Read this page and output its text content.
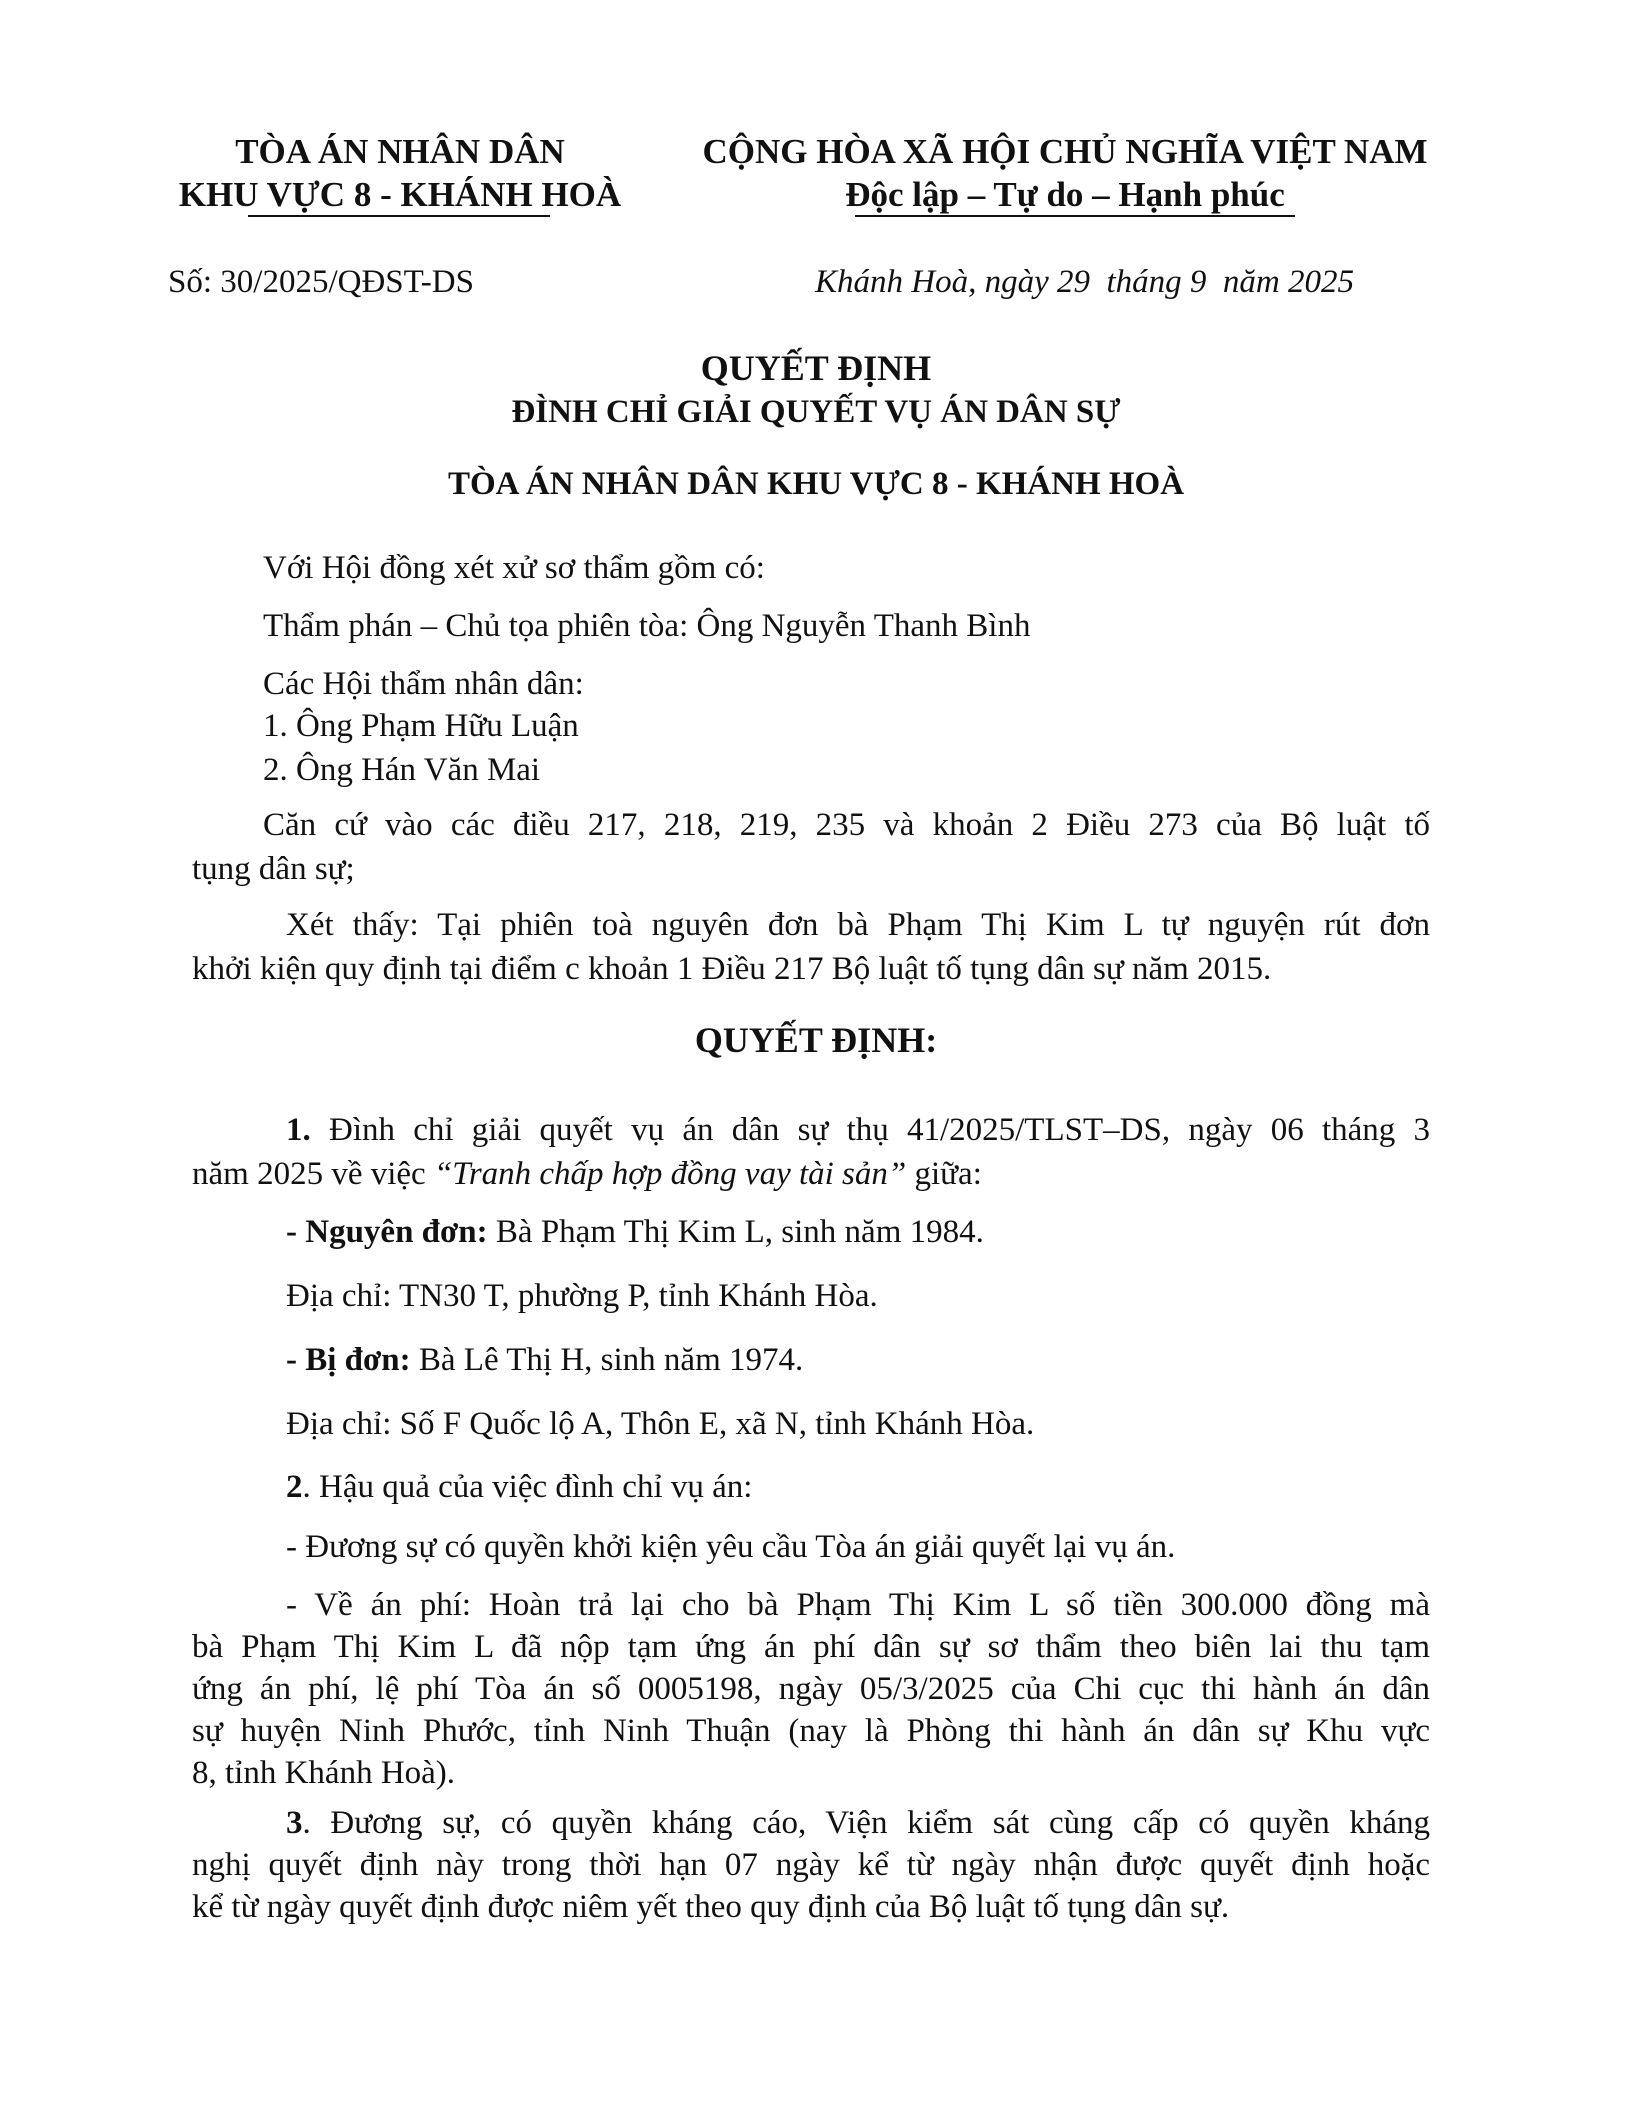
TÒA ÁN NHÂN DÂN
KHU VỰC 8 - KHÁNH HOÀ
CỘNG HÒA XÃ HỘI CHỦ NGHĨA VIỆT NAM
Độc lập – Tự do – Hạnh phúc
Số: 30/2025/QĐST-DS	Khánh Hoà, ngày 29  tháng 9  năm 2025
QUYẾT ĐỊNH
ĐÌNH CHỈ GIẢI QUYẾT VỤ ÁN DÂN SỰ
TÒA ÁN NHÂN DÂN KHU VỰC 8 - KHÁNH HOÀ
Với Hội đồng xét xử sơ thẩm gồm có:
Thẩm phán – Chủ tọa phiên tòa: Ông Nguyễn Thanh Bình
Các Hội thẩm nhân dân:
1. Ông Phạm Hữu Luận
2. Ông Hán Văn Mai
Căn cứ vào các điều 217, 218, 219, 235 và khoản 2 Điều 273 của Bộ luật tố
tụng dân sự;
Xét thấy: Tại phiên toà nguyên đơn bà Phạm Thị Kim L tự nguyện rút đơn
khởi kiện quy định tại điểm c khoản 1 Điều 217 Bộ luật tố tụng dân sự năm 2015.
QUYẾT ĐỊNH:
1. Đình chỉ giải quyết vụ án dân sự thụ 41/2025/TLST–DS, ngày 06 tháng 3
năm 2025 về việc “Tranh chấp hợp đồng vay tài sản” giữa:
- Nguyên đơn: Bà Phạm Thị Kim L, sinh năm 1984.
Địa chỉ: TN30 T, phường P, tỉnh Khánh Hòa.
- Bị đơn: Bà Lê Thị H, sinh năm 1974.
Địa chỉ: Số F Quốc lộ A, Thôn E, xã N, tỉnh Khánh Hòa.
2. Hậu quả của việc đình chỉ vụ án:
- Đương sự có quyền khởi kiện yêu cầu Tòa án giải quyết lại vụ án.
- Về án phí: Hoàn trả lại cho bà Phạm Thị Kim L số tiền 300.000 đồng mà
bà Phạm Thị Kim L đã nộp tạm ứng án phí dân sự sơ thẩm theo biên lai thu tạm
ứng án phí, lệ phí Tòa án số 0005198, ngày 05/3/2025 của Chi cục thi hành án dân
sự huyện Ninh Phước, tỉnh Ninh Thuận (nay là Phòng thi hành án dân sự Khu vực
8, tỉnh Khánh Hoà).
3. Đương sự, có quyền kháng cáo, Viện kiểm sát cùng cấp có quyền kháng
nghị quyết định này trong thời hạn 07 ngày kể từ ngày nhận được quyết định hoặc
kể từ ngày quyết định được niêm yết theo quy định của Bộ luật tố tụng dân sự.
